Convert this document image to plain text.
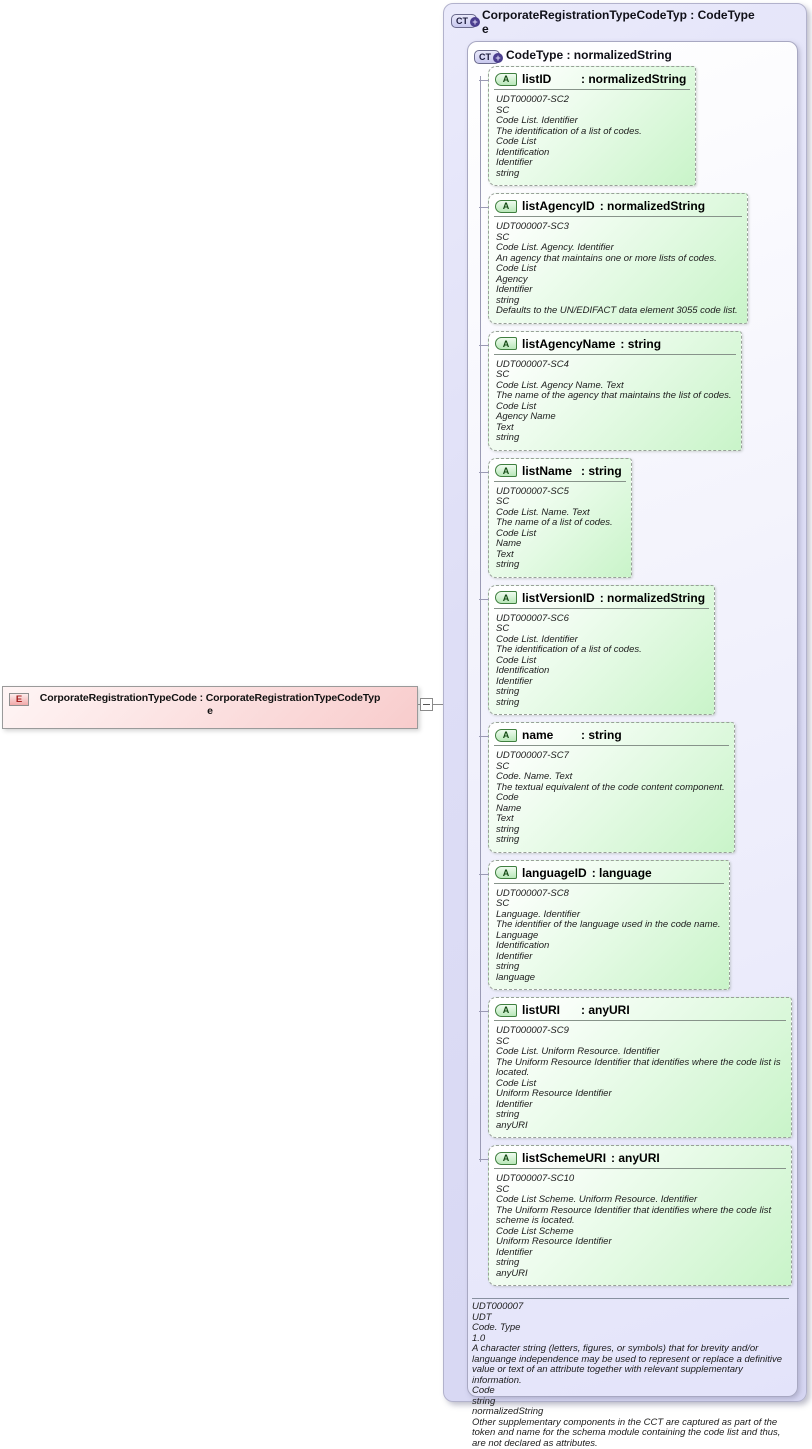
E	CorporateRegistrationTypeCode : CorporateRegistrationTypeCodeTyp
e
CT + CorporateRegistrationTypeCodeTyp : CodeType
e
CT + CodeType : normalizedString
A	listID	: normalizedString
UDT000007-SC2
SC
Code List. Identifier
The identification of a list of codes.
Code List
Identification
Identifier
string
A	listAgencyID : normalizedString
UDT000007-SC3
SC
Code List. Agency. Identifier
An agency that maintains one or more lists of codes.
Code List
Agency
Identifier
string
Defaults to the UN/EDIFACT data element 3055 code list.
A	listAgencyName : string
UDT000007-SC4
SC
Code List. Agency Name. Text
The name of the agency that maintains the list of codes.
Code List
Agency Name
Text
string
A	listName : string
UDT000007-SC5
SC
Code List. Name. Text
The name of a list of codes.
Code List
Name
Text
string
A	listVersionID : normalizedString
UDT000007-SC6
SC
Code List. Identifier
The identification of a list of codes.
Code List
Identification
Identifier
string
string
A	name	: string
UDT000007-SC7
SC
Code. Name. Text
The textual equivalent of the code content component.
Code
Name
Text
string
string
A	languageID : language
UDT000007-SC8
SC
Language. Identifier
The identifier of the language used in the code name.
Language
Identification
Identifier
string
language
A	listURI	: anyURI
UDT000007-SC9
SC
Code List. Uniform Resource. Identifier
The Uniform Resource Identifier that identifies where the code list is located.
Code List
Uniform Resource Identifier
Identifier
string
anyURI
A	listSchemeURI : anyURI
UDT000007-SC10
SC
Code List Scheme. Uniform Resource. Identifier
The Uniform Resource Identifier that identifies where the code list scheme is located.
Code List Scheme
Uniform Resource Identifier
Identifier
string
anyURI
UDT000007
UDT
Code. Type
1.0
A character string (letters, figures, or symbols) that for brevity and/or languange independence may be used to represent or replace a definitive value or text of an attribute together with relevant supplementary information.
Code
string
normalizedString
Other supplementary components in the CCT are captured as part of the token and name for the schema module containing the code list and thus, are not declared as attributes.
